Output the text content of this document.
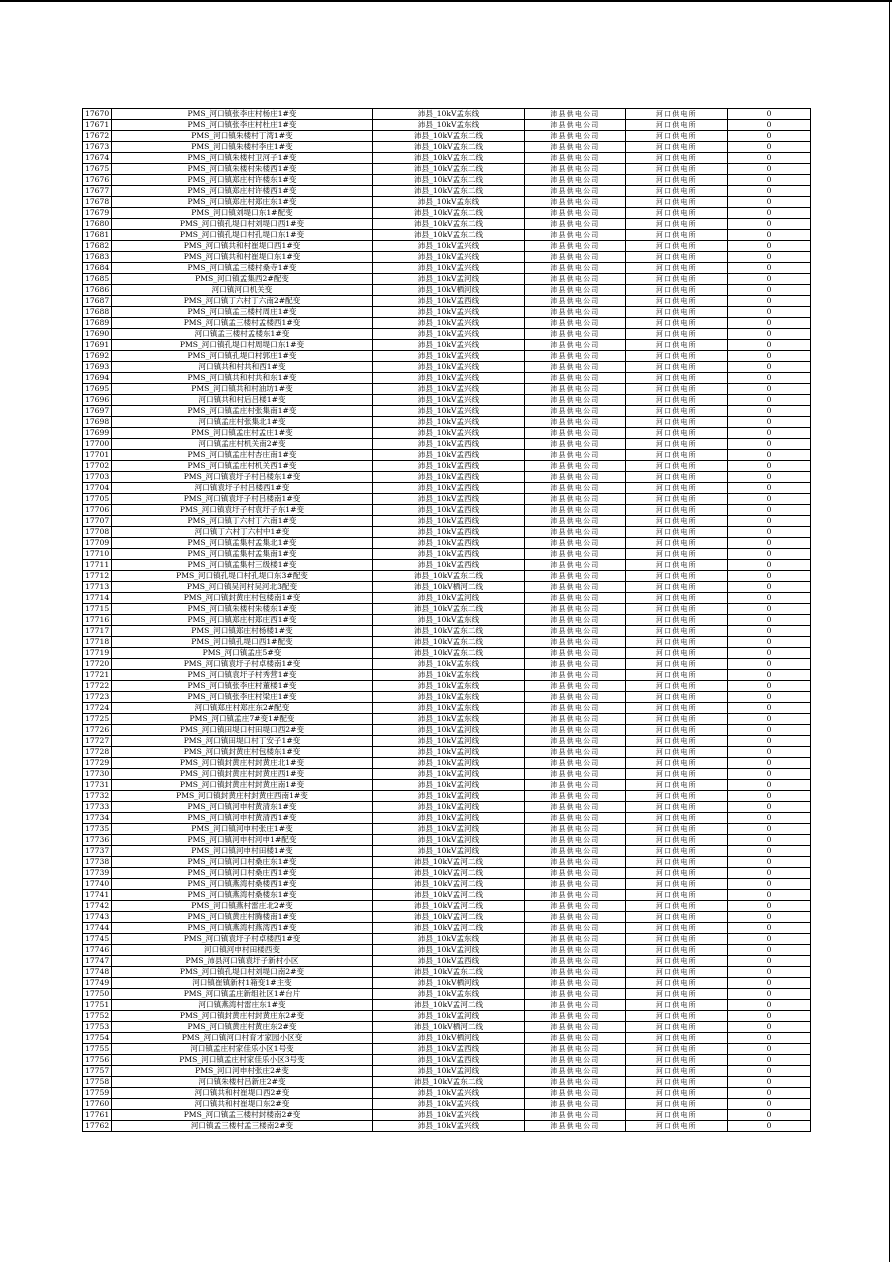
17670	PMS_河口镇张李庄村杨庄1#变	沛县_10kV孟东线	沛县供电公司	河口供电所	0
17671	PMS_河口镇张李庄村杜庄1#变	沛县_10kV孟东线	沛县供电公司	河口供电所	0
17672	PMS_河口镇朱楼村丁湾1#变	沛县_10kV孟东二线	沛县供电公司	河口供电所	0
17673	PMS_河口镇朱楼村李庄1#变	沛县_10kV孟东二线	沛县供电公司	河口供电所	0
17674	PMS_河口镇朱楼村卫河子1#变	沛县_10kV孟东二线	沛县供电公司	河口供电所	0
17675	PMS_河口镇朱楼村朱楼西1#变	沛县_10kV孟东二线	沛县供电公司	河口供电所	0
17676	PMS_河口镇郑庄村许楼东1#变	沛县_10kV孟东二线	沛县供电公司	河口供电所	0
17677	PMS_河口镇郑庄村许楼西1#变	沛县_10kV孟东二线	沛县供电公司	河口供电所	0
17678	PMS_河口镇郑庄村郑庄东1#变	沛县_10kV孟东线	沛县供电公司	河口供电所	0
17679	PMS_河口镇刘堤口东1#配变	沛县_10kV孟东二线	沛县供电公司	河口供电所	0
17680	PMS_河口镇孔堤口村刘堤口西1#变	沛县_10kV孟东二线	沛县供电公司	河口供电所	0
17681	PMS_河口镇孔堤口村孔堤口东1#变	沛县_10kV孟东二线	沛县供电公司	河口供电所	0
17682	PMS_河口镇共和村崔堤口西1#变	沛县_10kV孟兴线	沛县供电公司	河口供电所	0
17683	PMS_河口镇共和村崔堤口东1#变	沛县_10kV孟兴线	沛县供电公司	河口供电所	0
17684	PMS_河口镇孟三楼村桑寺1#变	沛县_10kV孟兴线	沛县供电公司	河口供电所	0
17685	PMS_河口镇孟集西2#配变	沛县_10kV孟河线	沛县供电公司	河口供电所	0
17686	河口镇河口机关变	沛县_10kV栖河线	沛县供电公司	河口供电所	0
17687	PMS_河口镇丁六村丁六南2#配变	沛县_10kV孟西线	沛县供电公司	河口供电所	0
17688	PMS_河口镇孟三楼村周庄1#变	沛县_10kV孟兴线	沛县供电公司	河口供电所	0
17689	PMS_河口镇孟三楼村孟楼西1#变	沛县_10kV孟兴线	沛县供电公司	河口供电所	0
17690	河口镇孟三楼村孟楼东1#变	沛县_10kV孟兴线	沛县供电公司	河口供电所	0
17691	PMS_河口镇孔堤口村周堤口东1#变	沛县_10kV孟兴线	沛县供电公司	河口供电所	0
17692	PMS_河口镇孔堤口村郭庄1#变	沛县_10kV孟兴线	沛县供电公司	河口供电所	0
17693	河口镇共和村共和西1#变	沛县_10kV孟兴线	沛县供电公司	河口供电所	0
17694	PMS_河口镇共和村共和东1#变	沛县_10kV孟兴线	沛县供电公司	河口供电所	0
17695	PMS_河口镇共和村油坊1#变	沛县_10kV孟兴线	沛县供电公司	河口供电所	0
17696	河口镇共和村后吕楼1#变	沛县_10kV孟兴线	沛县供电公司	河口供电所	0
17697	PMS_河口镇孟庄村张集南1#变	沛县_10kV孟兴线	沛县供电公司	河口供电所	0
17698	河口镇孟庄村张集北1#变	沛县_10kV孟兴线	沛县供电公司	河口供电所	0
17699	PMS_河口镇孟庄村孟庄1#变	沛县_10kV孟兴线	沛县供电公司	河口供电所	0
17700	河口镇孟庄村机关南2#变	沛县_10kV孟西线	沛县供电公司	河口供电所	0
17701	PMS_河口镇孟庄村杏庄南1#变	沛县_10kV孟西线	沛县供电公司	河口供电所	0
17702	PMS_河口镇孟庄村机关西1#变	沛县_10kV孟西线	沛县供电公司	河口供电所	0
17703	PMS_河口镇袁圩子村吕楼东1#变	沛县_10kV孟西线	沛县供电公司	河口供电所	0
17704	河口镇袁圩子村吕楼西1#变	沛县_10kV孟西线	沛县供电公司	河口供电所	0
17705	PMS_河口镇袁圩子村吕楼南1#变	沛县_10kV孟西线	沛县供电公司	河口供电所	0
17706	PMS_河口镇袁圩子村袁圩子东1#变	沛县_10kV孟西线	沛县供电公司	河口供电所	0
17707	PMS_河口镇丁六村丁六南1#变	沛县_10kV孟西线	沛县供电公司	河口供电所	0
17708	河口镇丁六村丁六村中1#变	沛县_10kV孟西线	沛县供电公司	河口供电所	0
17709	PMS_河口镇孟集村孟集北1#变	沛县_10kV孟西线	沛县供电公司	河口供电所	0
17710	PMS_河口镇孟集村孟集南1#变	沛县_10kV孟西线	沛县供电公司	河口供电所	0
17711	PMS_河口镇孟集村三级楼1#变	沛县_10kV孟西线	沛县供电公司	河口供电所	0
17712	PMS_河口镇孔堤口村孔堤口东3#配变	沛县_10kV孟东二线	沛县供电公司	河口供电所	0
17713	PMS_河口镇吴河村吴河北3配变	沛县_10kV栖河二线	沛县供电公司	河口供电所	0
17714	PMS_河口镇封黄庄村包楼南1#变	沛县_10kV孟河线	沛县供电公司	河口供电所	0
17715	PMS_河口镇朱楼村朱楼东1#变	沛县_10kV孟东二线	沛县供电公司	河口供电所	0
17716	PMS_河口镇郑庄村郑庄西1#变	沛县_10kV孟东线	沛县供电公司	河口供电所	0
17717	PMS_河口镇郑庄村杨楼1#变	沛县_10kV孟东二线	沛县供电公司	河口供电所	0
17718	PMS_河口镇孔堤口西1#配变	沛县_10kV孟东二线	沛县供电公司	河口供电所	0
17719	PMS_河口镇孟庄5#变	沛县_10kV孟东二线	沛县供电公司	河口供电所	0
17720	PMS_河口镇袁圩子村卓楼南1#变	沛县_10kV孟东线	沛县供电公司	河口供电所	0
17721	PMS_河口镇袁圩子村秀营1#变	沛县_10kV孟东线	沛县供电公司	河口供电所	0
17722	PMS_河口镇张李庄村董楼1#变	沛县_10kV孟东线	沛县供电公司	河口供电所	0
17723	PMS_河口镇张李庄村梁庄1#变	沛县_10kV孟东线	沛县供电公司	河口供电所	0
17724	河口镇郑庄村郑庄东2#配变	沛县_10kV孟东线	沛县供电公司	河口供电所	0
17725	PMS_河口镇孟庄7#变1#配变	沛县_10kV孟东线	沛县供电公司	河口供电所	0
17726	PMS_河口镇田堤口村田堤口西2#变	沛县_10kV孟河线	沛县供电公司	河口供电所	0
17727	PMS_河口镇田堤口村丁安子1#变	沛县_10kV孟河线	沛县供电公司	河口供电所	0
17728	PMS_河口镇封黄庄村包楼东1#变	沛县_10kV孟河线	沛县供电公司	河口供电所	0
17729	PMS_河口镇封黄庄村封黄庄北1#变	沛县_10kV孟河线	沛县供电公司	河口供电所	0
17730	PMS_河口镇封黄庄村封黄庄西1#变	沛县_10kV孟河线	沛县供电公司	河口供电所	0
17731	PMS_河口镇封黄庄村封黄庄南1#变	沛县_10kV孟河线	沛县供电公司	河口供电所	0
17732	PMS_河口镇封黄庄村封黄庄西南1#变	沛县_10kV孟河线	沛县供电公司	河口供电所	0
17733	PMS_河口镇河申村黄清东1#变	沛县_10kV孟河线	沛县供电公司	河口供电所	0
17734	PMS_河口镇河申村黄清西1#变	沛县_10kV孟河线	沛县供电公司	河口供电所	0
17735	PMS_河口镇河申村张庄1#变	沛县_10kV孟河线	沛县供电公司	河口供电所	0
17736	PMS_河口镇河申村河申1#配变	沛县_10kV孟河线	沛县供电公司	河口供电所	0
17737	PMS_河口镇河申村田楼1#变	沛县_10kV孟河线	沛县供电公司	河口供电所	0
17738	PMS_河口镇河口村桑庄东1#变	沛县_10kV孟河二线	沛县供电公司	河口供电所	0
17739	PMS_河口镇河口村桑庄西1#变	沛县_10kV孟河二线	沛县供电公司	河口供电所	0
17740	PMS_河口镇燕湾村桑楼西1#变	沛县_10kV孟河二线	沛县供电公司	河口供电所	0
17741	PMS_河口镇燕湾村桑楼东1#变	沛县_10kV孟河二线	沛县供电公司	河口供电所	0
17742	PMS_河口镇燕村雷庄北2#变	沛县_10kV孟河二线	沛县供电公司	河口供电所	0
17743	PMS_河口镇黄庄村腾楼南1#变	沛县_10kV孟河二线	沛县供电公司	河口供电所	0
17744	PMS_河口镇燕湾村燕湾西1#变	沛县_10kV孟河二线	沛县供电公司	河口供电所	0
17745	PMS_河口镇袁圩子村卓楼西1#变	沛县_10kV孟东线	沛县供电公司	河口供电所	0
17746	河口镇河申村田楼西变	沛县_10kV孟河线	沛县供电公司	河口供电所	0
17747	PMS_沛县河口镇袁圩子新村小区	沛县_10kV孟西线	沛县供电公司	河口供电所	0
17748	PMS_河口镇孔堤口村刘堤口南2#变	沛县_10kV孟东二线	沛县供电公司	河口供电所	0
17749	河口镇崔镇新村1箱变1#主变	沛县_10kV栖河线	沛县供电公司	河口供电所	0
17750	PMS_河口镇孟庄新组社区1#台片	沛县_10kV孟东线	沛县供电公司	河口供电所	0
17751	河口镇燕湾村雷庄东1#变	沛县_10kV孟河二线	沛县供电公司	河口供电所	0
17752	PMS_河口镇封黄庄村封黄庄东2#变	沛县_10kV孟河线	沛县供电公司	河口供电所	0
17753	PMS_河口镇黄庄村黄庄东2#变	沛县_10kV栖河二线	沛县供电公司	河口供电所	0
17754	PMS_河口镇河口村育才家园小区变	沛县_10kV栖河线	沛县供电公司	河口供电所	0
17755	河口镇孟庄村家佳乐小区1号变	沛县_10kV孟西线	沛县供电公司	河口供电所	0
17756	PMS_河口镇孟庄村家佳乐小区3号变	沛县_10kV孟西线	沛县供电公司	河口供电所	0
17757	PMS_河口河申村张庄2#变	沛县_10kV孟河线	沛县供电公司	河口供电所	0
17758	河口镇朱楼村吕新庄2#变	沛县_10kV孟东二线	沛县供电公司	河口供电所	0
17759	河口镇共和村崔堤口西2#变	沛县_10kV孟兴线	沛县供电公司	河口供电所	0
17760	河口镇共和村崔堤口东2#变	沛县_10kV孟兴线	沛县供电公司	河口供电所	0
17761	PMS_河口镇孟三楼村封楼南2#变	沛县_10kV孟兴线	沛县供电公司	河口供电所	0
17762	河口镇孟三楼村孟三楼南2#变	沛县_10kV孟兴线	沛县供电公司	河口供电所	0
